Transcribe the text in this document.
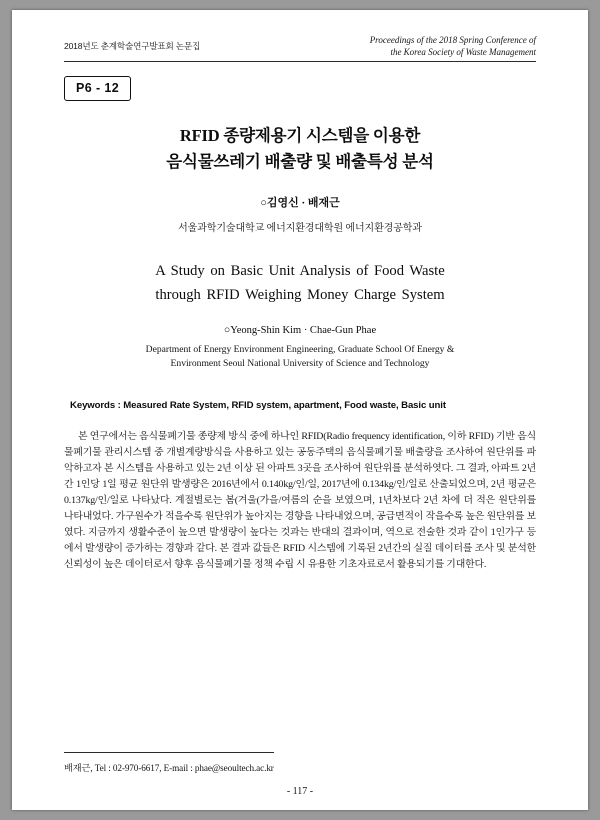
2018년도 춘계학술연구발표회 논문집
Proceedings of the 2018 Spring Conference of
the Korea Society of Waste Management
P6 - 12
RFID 종량제용기 시스템을 이용한
음식물쓰레기 배출량 및 배출특성 분석
○김영신 · 배재근
서울과학기술대학교 에너지환경대학원 에너지환경공학과
A Study on Basic Unit Analysis of Food Waste
through RFID Weighing Money Charge System
○Yeong-Shin Kim · Chae-Gun Phae
Department of Energy Environment Engineering, Graduate School Of Energy &
Environment Seoul National University of Science and Technology
Keywords : Measured Rate System, RFID system, apartment, Food waste, Basic unit
본 연구에서는 음식물폐기물 종량제 방식 중에 하나인 RFID(Radio frequency identification, 이하 RFID) 기반 음식물폐기물 관리시스템 중 개별계량방식을 사용하고 있는 공동주택의 음식물폐기물 배출량을 조사하여 원단위를 파악하고자 본 시스템을 사용하고 있는 2년 이상 된 아파트 3곳을 조사하여 원단위를 분석하엿다. 그 결과, 아파트 2년간 1인당 1일 평균 원단위 발생량은 2016년에서 0.140kg/인/일, 2017년에 0.134kg/인/일로 산출되었으며, 2년 평균은 0.137kg/인/일로 나타났다. 계절별로는 봄(겨울(가을/여름의 순을 보였으며, 1년차보다 2년 차에 더 적은 원단위를 나타내었다. 가구원수가 적을수록 원단위가 높아지는 경향을 나타내었으며, 공급면적이 작을수록 높은 원단위를 보였다. 지금까지 생활수준이 높으면 발생량이 높다는 것과는 반대의 결과이며, 역으로 전술한 것과 같이 1인가구 등에서 발생량이 증가하는 경향과 같다. 본 결과 값들은 RFID 시스템에 기록된 2년간의 실질 데이터를 조사 및 분석한 신뢰성이 높은 데이터로서 향후 음식물폐기물 정책 수립 시 유용한 기초자료로서 활용되기를 기대한다.
배재근, Tel : 02-970-6617, E-mail : phae@seoultech.ac.kr
- 117 -
